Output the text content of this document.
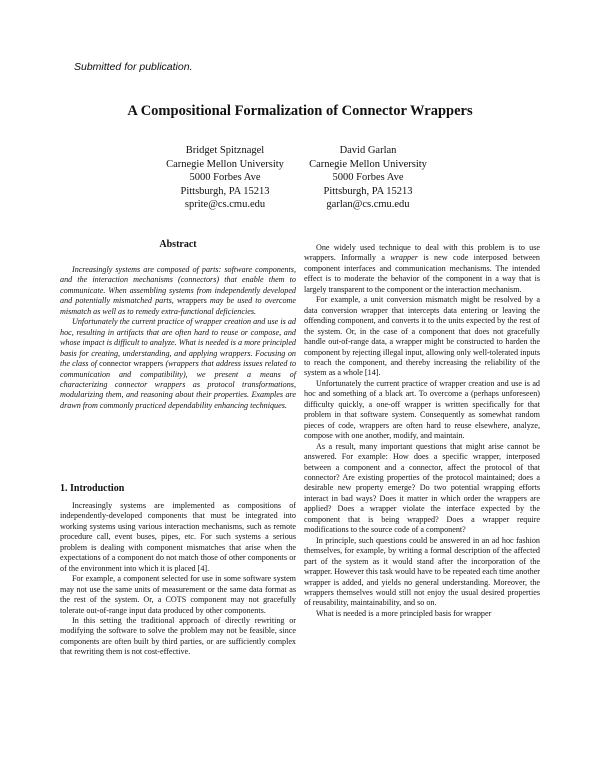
Submitted for publication.
A Compositional Formalization of Connector Wrappers
Bridget Spitznagel
Carnegie Mellon University
5000 Forbes Ave
Pittsburgh, PA 15213
sprite@cs.cmu.edu
David Garlan
Carnegie Mellon University
5000 Forbes Ave
Pittsburgh, PA 15213
garlan@cs.cmu.edu
Abstract

Increasingly systems are composed of parts: software components, and the interaction mechanisms (connectors) that enable them to communicate. When assembling systems from independently developed and potentially mismatched parts, wrappers may be used to overcome mismatch as well as to remedy extra-functional deficiencies.

Unfortunately the current practice of wrapper creation and use is ad hoc, resulting in artifacts that are often hard to reuse or compose, and whose impact is difficult to analyze. What is needed is a more principled basis for creating, understanding, and applying wrappers. Focusing on the class of connector wrappers (wrappers that address issues related to communication and compatibility), we present a means of characterizing connector wrappers as protocol transformations, modularizing them, and reasoning about their properties. Examples are drawn from commonly practiced dependability enhancing techniques.

1. Introduction

Increasingly systems are implemented as compositions of independently-developed components that must be integrated into working systems using various interaction mechanisms, such as remote procedure call, event buses, pipes, etc. For such systems a serious problem is dealing with component mismatches that arise when the expectations of a component do not match those of other components or of the environment into which it is placed [4].

For example, a component selected for use in some software system may not use the same units of measurement or the same data format as the rest of the system. Or, a COTS component may not gracefully tolerate out-of-range input data produced by other components.

In this setting the traditional approach of directly rewriting or modifying the software to solve the problem may not be feasible, since components are often built by third parties, or are sufficiently complex that rewriting them is not cost-effective.

One widely used technique to deal with this problem is to use wrappers. Informally a wrapper is new code interposed between component interfaces and communication mechanisms. The intended effect is to moderate the behavior of the component in a way that is largely transparent to the component or the interaction mechanism.

For example, a unit conversion mismatch might be resolved by a data conversion wrapper that intercepts data entering or leaving the offending component, and converts it to the units expected by the rest of the system. Or, in the case of a component that does not gracefully handle out-of-range data, a wrapper might be constructed to harden the component by rejecting illegal input, allowing only well-tolerated inputs to reach the component, and thereby increasing the reliability of the system as a whole [14].

Unfortunately the current practice of wrapper creation and use is ad hoc and something of a black art. To overcome a (perhaps unforeseen) difficulty quickly, a one-off wrapper is written specifically for that problem in that software system. Consequently as somewhat random pieces of code, wrappers are often hard to reuse elsewhere, analyze, compose with one another, modify, and maintain.

As a result, many important questions that might arise cannot be answered. For example: How does a specific wrapper, interposed between a component and a connector, affect the protocol of that connector? Are existing properties of the protocol maintained; does a desirable new property emerge? Do two potential wrapping efforts interact in bad ways? Does it matter in which order the wrappers are applied? Does a wrapper violate the interface expected by the component that is being wrapped? Does a wrapper require modifications to the source code of a component?

In principle, such questions could be answered in an ad hoc fashion themselves, for example, by writing a formal description of the affected part of the system as it would stand after the incorporation of the wrapper. However this task would have to be repeated each time another wrapper is added, and yields no general understanding. Moreover, the wrappers themselves would still not enjoy the usual desired properties of reusability, maintainability, and so on.

What is needed is a more principled basis for wrapper
